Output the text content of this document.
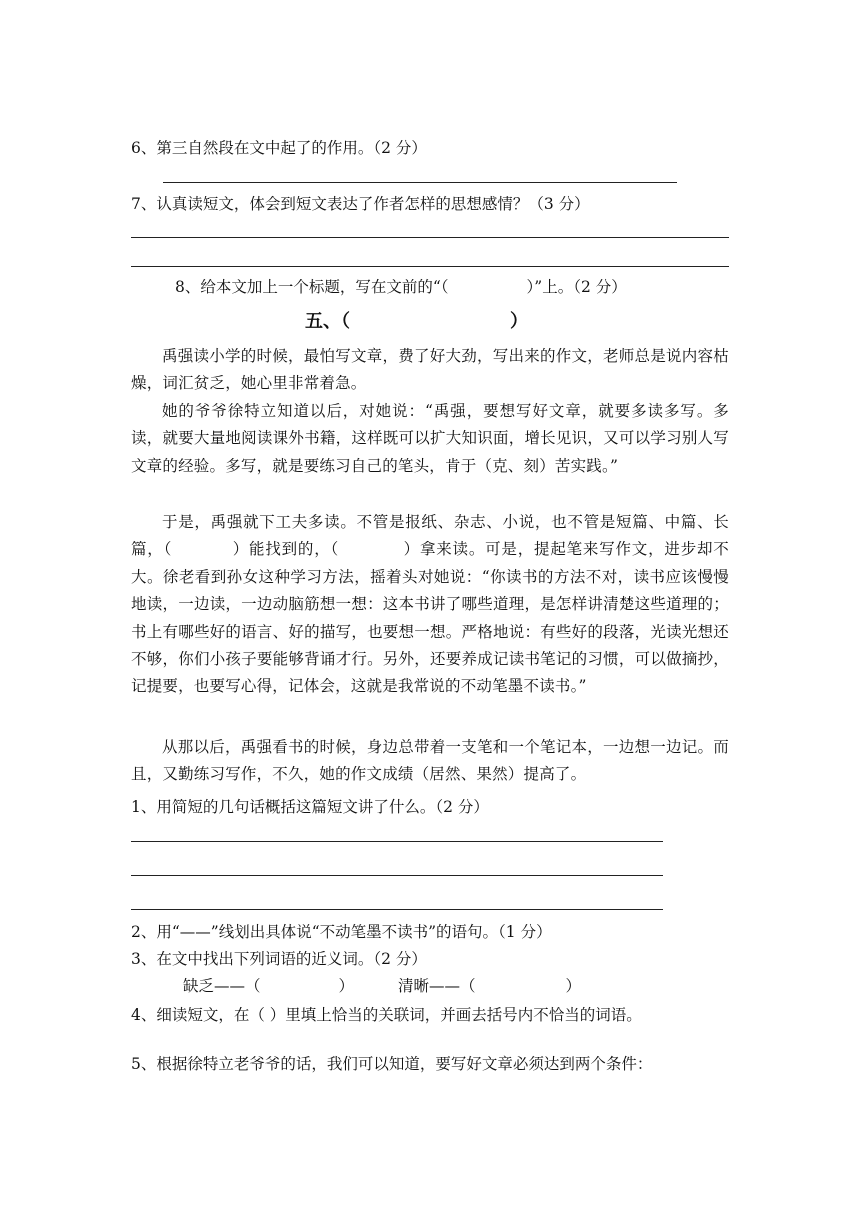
6、第三自然段在文中起了的作用。（2 分）
7、认真读短文，体会到短文表达了作者怎样的思想感情？（3 分）
8、给本文加上一个标题，写在文前的“（	）”上。（2 分）
五、（	）

禹强读小学的时候，最怕写文章，费了好大劲，写出来的作文，老师总是说内容枯燥，词汇贫乏，她心里非常着急。

她的爷爷徐特立知道以后，对她说：“禹强，要想写好文章，就要多读多写。多读，就要大量地阅读课外书籍，这样既可以扩大知识面，增长见识，又可以学习别人写文章的经验。多写，就是要练习自己的笔头，肯于（克、刻）苦实践。”

于是，禹强就下工夫多读。不管是报纸、杂志、小说，也不管是短篇、中篇、长篇，（	）能找到的，（	）拿来读。可是，提起笔来写作文，进步却不大。徐老看到孙女这种学习方法，摇着头对她说：“你读书的方法不对，读书应该慢慢地读，一边读，一边动脑筋想一想：这本书讲了哪些道理，是怎样讲清楚这些道理的；书上有哪些好的语言、好的描写，也要想一想。严格地说：有些好的段落，光读光想还不够，你们小孩子要能够背诵才行。另外，还要养成记读书笔记的习惯，可以做摘抄，记提要，也要写心得，记体会，这就是我常说的不动笔墨不读书。”

从那以后，禹强看书的时候，身边总带着一支笔和一个笔记本，一边想一边记。而且，又勤练习写作，不久，她的作文成绩（居然、果然）提高了。

1、用简短的几句话概括这篇短文讲了什么。（2 分）
2、用“——”线划出具体说“不动笔墨不读书”的语句。（1 分）
3、在文中找出下列词语的近义词。（2 分）
缺乏——（	）	清晰——（	）
4、细读短文，在（ ）里填上恰当的关联词，并画去括号内不恰当的词语。
5、根据徐特立老爷爷的话，我们可以知道，要写好文章必须达到两个条件：
